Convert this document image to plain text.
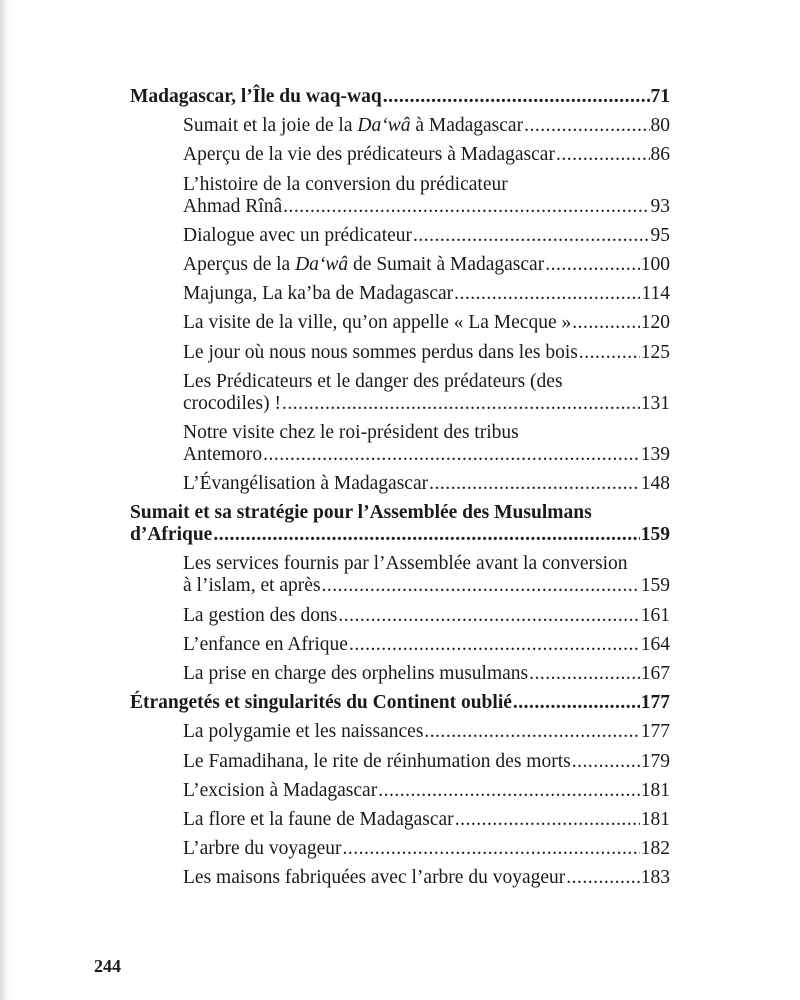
Madagascar, l’Île du waq-waq .....	71
Sumait et la joie de la Da‘wâ à Madagascar .....	80
Aperçu de la vie des prédicateurs à Madagascar .....	86
L’histoire de la conversion du prédicateur
Ahmad Rînâ .....	93
Dialogue avec un prédicateur .....	95
Aperçus de la Da‘wâ de Sumait à Madagascar .....	100
Majunga, La ka’ba de Madagascar .....	114
La visite de la ville, qu’on appelle « La Mecque » .....	120
Le jour où nous nous sommes perdus dans les bois .....	125
Les Prédicateurs et le danger des prédateurs (des
crocodiles) ! .....	131
Notre visite chez le roi-président des tribus
Antemoro .....	139
L’Évangélisation à Madagascar .....	148
Sumait et sa stratégie pour l’Assemblée des Musulmans
d’Afrique .....	159
Les services fournis par l’Assemblée avant la conversion
à l’islam, et après .....	159
La gestion des dons .....	161
L’enfance en Afrique .....	164
La prise en charge des orphelins musulmans .....	167
Étrangetés et singularités du Continent oublié .....	177
La polygamie et les naissances .....	177
Le Famadihana, le rite de réinhumation des morts .....	179
L’excision à Madagascar .....	181
La flore et la faune de Madagascar .....	181
L’arbre du voyageur .....	182
Les maisons fabriquées avec l’arbre du voyageur .....	183
244
